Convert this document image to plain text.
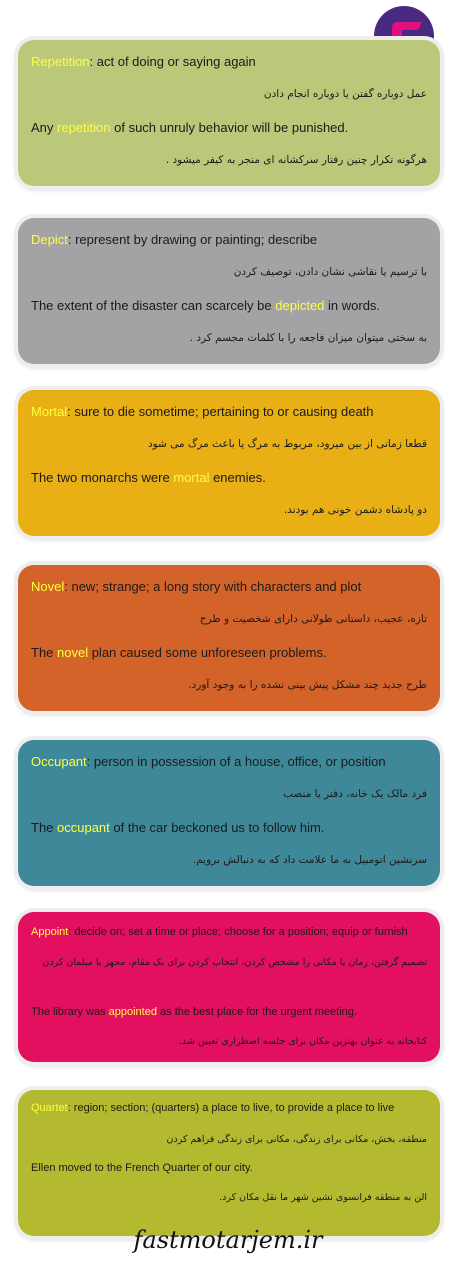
Repetition: act of doing or saying again
عمل دوباره گفتن یا دوباره انجام دادن
Any repetition of such unruly behavior will be punished.
هرگونه تکرار چنین رفتار سرکشانه ای منجر به کیفر میشود .
Depict: represent by drawing or painting; describe
با ترسیم یا نقاشی نشان دادن، توصیف کردن
The extent of the disaster can scarcely be depicted in words.
به سختی میتوان میزان فاجعه را با کلمات مجسم کرد .
Mortal: sure to die sometime; pertaining to or causing death
قطعا زمانی از بین میرود، مربوط به مرگ یا باعث مرگ می شود
The two monarchs were mortal enemies.
دو پادشاه دشمن خونی هم بودند.
Novel: new; strange; a long story with characters and plot
تازه، عجیب، داستانی طولانی دارای شخصیت و طرح
The novel plan caused some unforeseen problems.
طرح جدید چند مشکل پیش بینی نشده را به وجود آورد.
Occupant: person in possession of a house, office, or position
فرد مالک یک خانه، دفتر یا منصب
The occupant of the car beckoned us to follow him.
سرنشین اتومبیل به ما علامت داد که به دنبالش برویم.
Appoint: decide on; set a time or place; choose for a position; equip or furnish
تصمیم گرفتن، زمان یا مکانی را مشخص کردن، انتخاب کردن برای یک مقام، مجهز یا مبلمان کردن
The library was appointed as the best place for the urgent meeting.
کتابخانه به عنوان بهترین مکان برای جلسه اضطراری تعیین شد.
Quartet: region; section; (quarters) a place to live, to provide a place to live
منطقه، بخش، مکانی برای زندگی، مکانی برای زندگی فراهم کردن
Ellen moved to the French Quarter of our city.
الن به منطقه فرانسوی نشین شهر ما نقل مکان کرد.
fastmotarjem.ir
